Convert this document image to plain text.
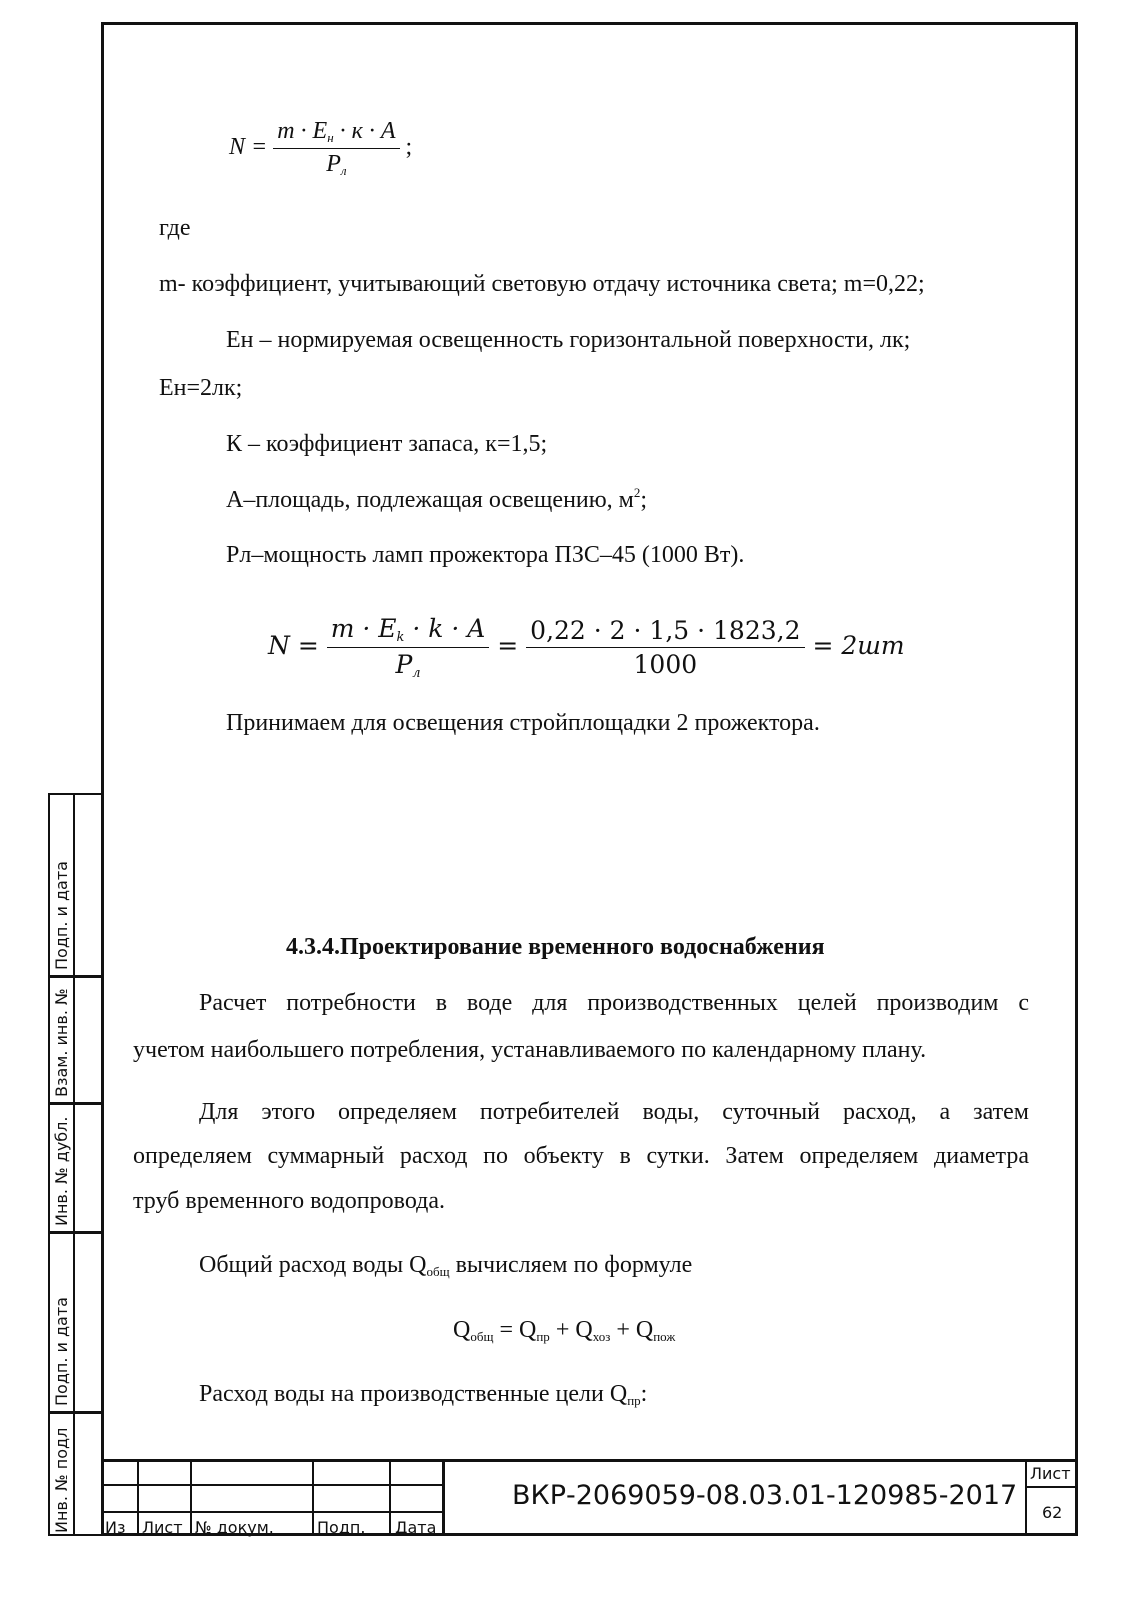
$N = \frac{m \cdot E_н \cdot к \cdot A}{P_л}$ ;
где
m- коэффициент, учитывающий световую отдачу источника света; m=0,22;
Eн – нормируемая освещенность горизонтальной поверхности, лк;
Eн=2лк;
К – коэффициент запаса, к=1,5;
А–площадь, подлежащая освещению, $м^2$;
Pл–мощность ламп прожектора ПЗС–45 (1000 Вт).
$N = \frac{m \cdot E_k \cdot k \cdot A}{P_л} = \frac{0,22 \cdot 2 \cdot 1,5 \cdot 1823,2}{1000} = 2шт$
Принимаем для освещения стройплощадки 2 прожектора.
4.3.4.Проектирование временного водоснабжения
Расчет потребности в воде для производственных целей производим с
учетом наибольшего потребления, устанавливаемого по календарному плану.
Для этого определяем потребителей воды, суточный расход, а затем
определяем суммарный расход по объекту в сутки. Затем определяем диаметра
труб временного водопровода.
Общий расход воды $Q_{общ}$ вычисляем по формуле
$Q_{общ} = Q_{пр} + Q_{хоз} + Q_{пож}$
Расход воды на производственные цели $Q_{пр}$:
Подп. и дата
Взам. инв. №
Инв. № дубл.
Подп. и дата
Инв. № подл Из Лист № докум.	Подп. Дата
ВКР-2069059-08.03.01-120985-2017
Лист
62
